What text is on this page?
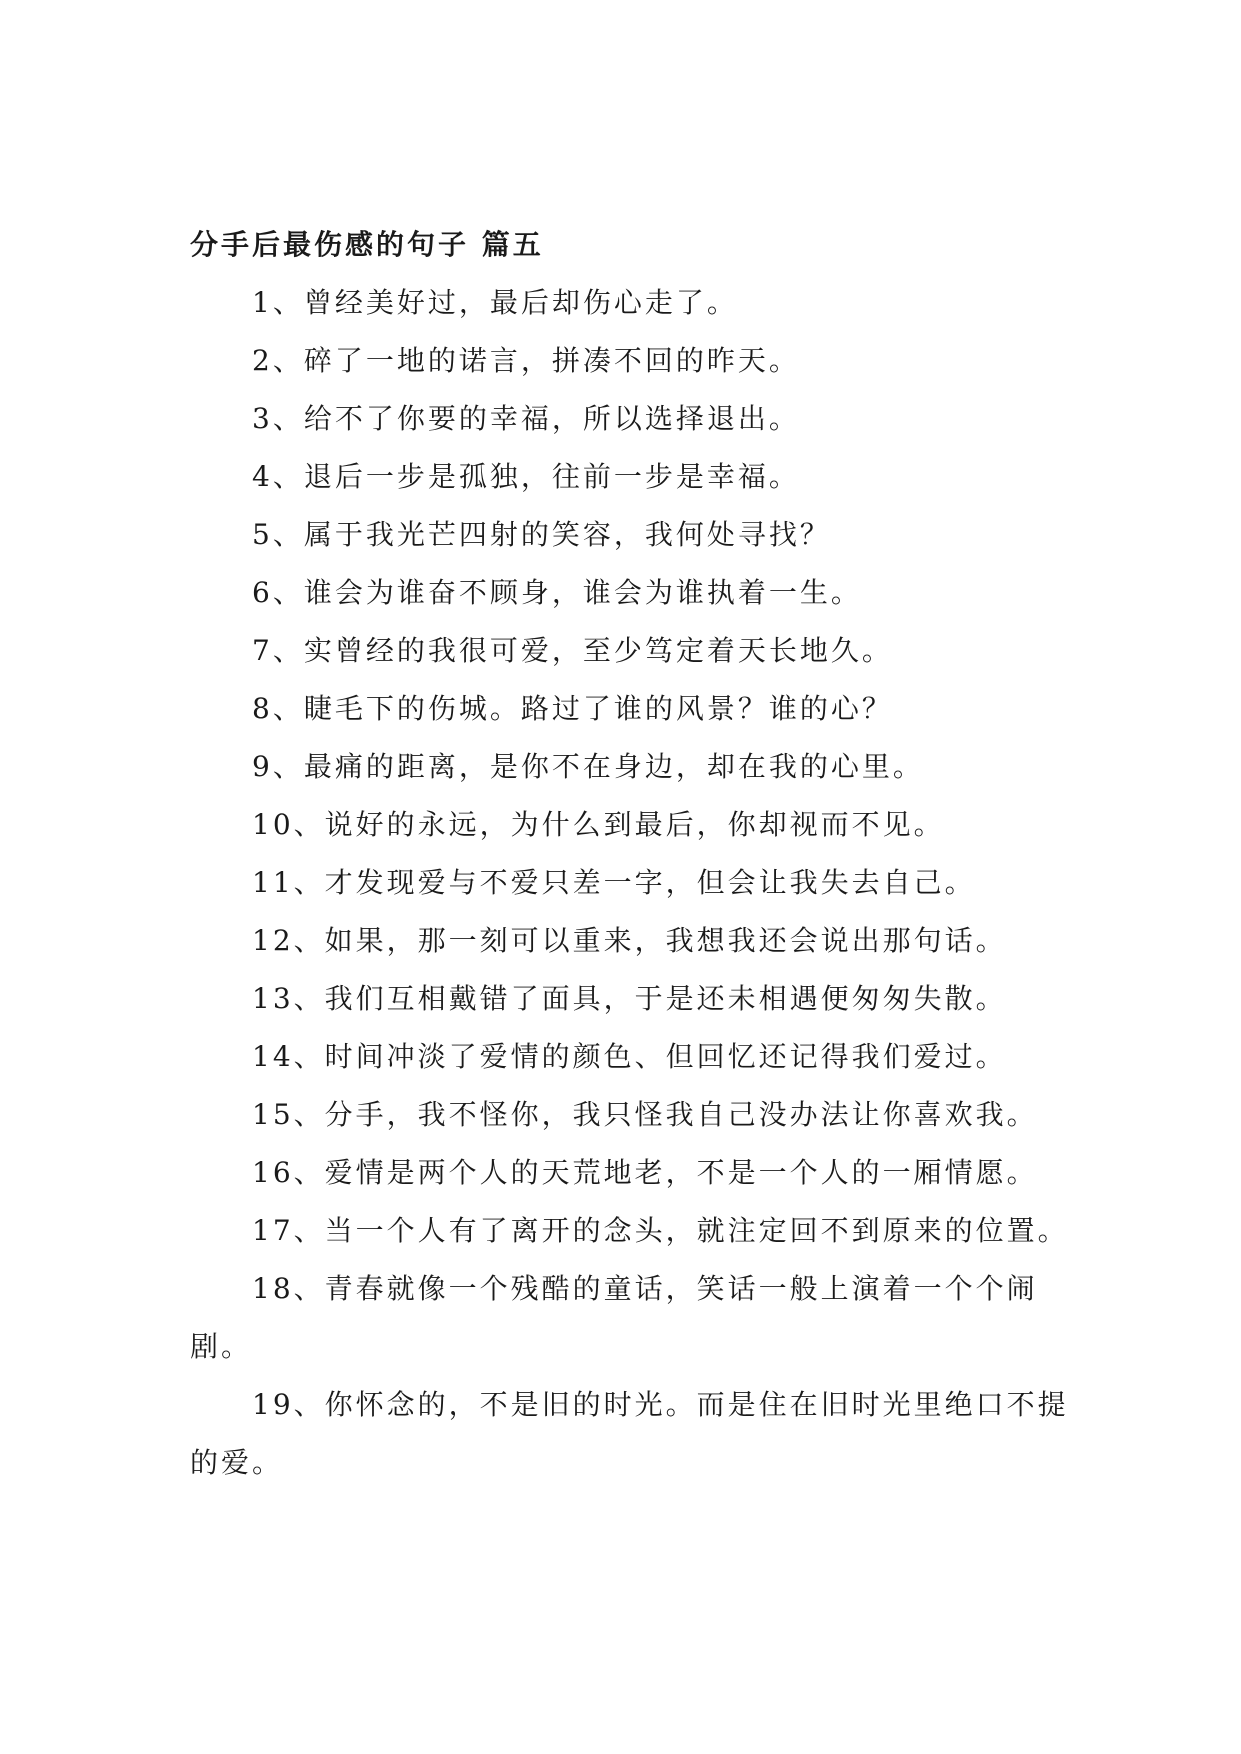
分手后最伤感的句子 篇五
1、曾经美好过，最后却伤心走了。
2、碎了一地的诺言，拼凑不回的昨天。
3、给不了你要的幸福，所以选择退出。
4、退后一步是孤独，往前一步是幸福。
5、属于我光芒四射的笑容，我何处寻找？
6、谁会为谁奋不顾身，谁会为谁执着一生。
7、实曾经的我很可爱，至少笃定着天长地久。
8、睫毛下的伤城。路过了谁的风景？谁的心？
9、最痛的距离，是你不在身边，却在我的心里。
10、说好的永远，为什么到最后，你却视而不见。
11、才发现爱与不爱只差一字，但会让我失去自己。
12、如果，那一刻可以重来，我想我还会说出那句话。
13、我们互相戴错了面具，于是还未相遇便匆匆失散。
14、时间冲淡了爱情的颜色、但回忆还记得我们爱过。
15、分手，我不怪你，我只怪我自己没办法让你喜欢我。
16、爱情是两个人的天荒地老，不是一个人的一厢情愿。
17、当一个人有了离开的念头，就注定回不到原来的位置。
18、青春就像一个残酷的童话，笑话一般上演着一个个闹剧。
19、你怀念的，不是旧的时光。而是住在旧时光里绝口不提的爱。
